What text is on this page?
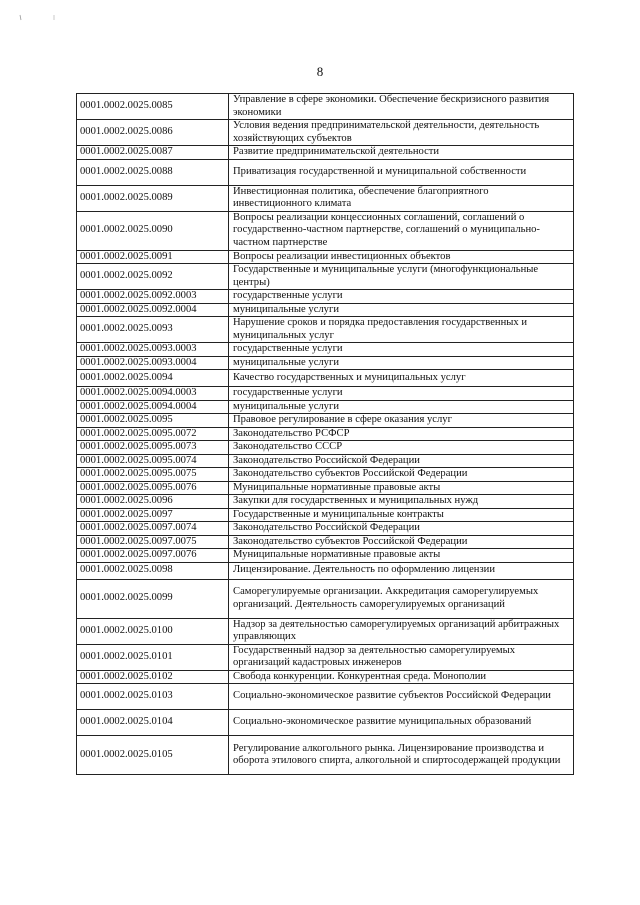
8
0001.0002.0025.0085	Управление в сфере экономики. Обеспечение бескризисного развития экономики
0001.0002.0025.0086	Условия ведения предпринимательской деятельности, деятельность хозяйствующих субъектов
0001.0002.0025.0087	Развитие предпринимательской деятельности
0001.0002.0025.0088	Приватизация государственной и муниципальной собственности
0001.0002.0025.0089	Инвестиционная политика, обеспечение благоприятного инвестиционного климата
0001.0002.0025.0090	Вопросы реализации концессионных соглашений, соглашений о государственно-частном партнерстве, соглашений о муниципально-частном партнерстве
0001.0002.0025.0091	Вопросы реализации инвестиционных объектов
0001.0002.0025.0092	Государственные и муниципальные услуги (многофункциональные центры)
0001.0002.0025.0092.0003	государственные услуги
0001.0002.0025.0092.0004	муниципальные услуги
0001.0002.0025.0093	Нарушение сроков и порядка предоставления государственных и муниципальных услуг
0001.0002.0025.0093.0003	государственные услуги
0001.0002.0025.0093.0004	муниципальные услуги
0001.0002.0025.0094	Качество государственных и муниципальных услуг
0001.0002.0025.0094.0003	государственные услуги
0001.0002.0025.0094.0004	муниципальные услуги
0001.0002.0025.0095	Правовое регулирование в сфере оказания услуг
0001.0002.0025.0095.0072	Законодательство РСФСР
0001.0002.0025.0095.0073	Законодательство СССР
0001.0002.0025.0095.0074	Законодательство Российской Федерации
0001.0002.0025.0095.0075	Законодательство субъектов Российской Федерации
0001.0002.0025.0095.0076	Муниципальные нормативные правовые акты
0001.0002.0025.0096	Закупки для государственных и муниципальных нужд
0001.0002.0025.0097	Государственные и муниципальные контракты
0001.0002.0025.0097.0074	Законодательство Российской Федерации
0001.0002.0025.0097.0075	Законодательство субъектов Российской Федерации
0001.0002.0025.0097.0076	Муниципальные нормативные правовые акты
0001.0002.0025.0098	Лицензирование. Деятельность по оформлению лицензии
0001.0002.0025.0099	Саморегулируемые организации. Аккредитация саморегулируемых организаций. Деятельность саморегулируемых организаций
0001.0002.0025.0100	Надзор за деятельностью саморегулируемых организаций арбитражных управляющих
0001.0002.0025.0101	Государственный надзор за деятельностью саморегулируемых организаций кадастровых инженеров
0001.0002.0025.0102	Свобода конкуренции. Конкурентная среда. Монополии
0001.0002.0025.0103	Социально-экономическое развитие субъектов Российской Федерации
0001.0002.0025.0104	Социально-экономическое развитие муниципальных образований
0001.0002.0025.0105	Регулирование алкогольного рынка. Лицензирование производства и оборота этилового спирта, алкогольной и спиртосодержащей продукции
